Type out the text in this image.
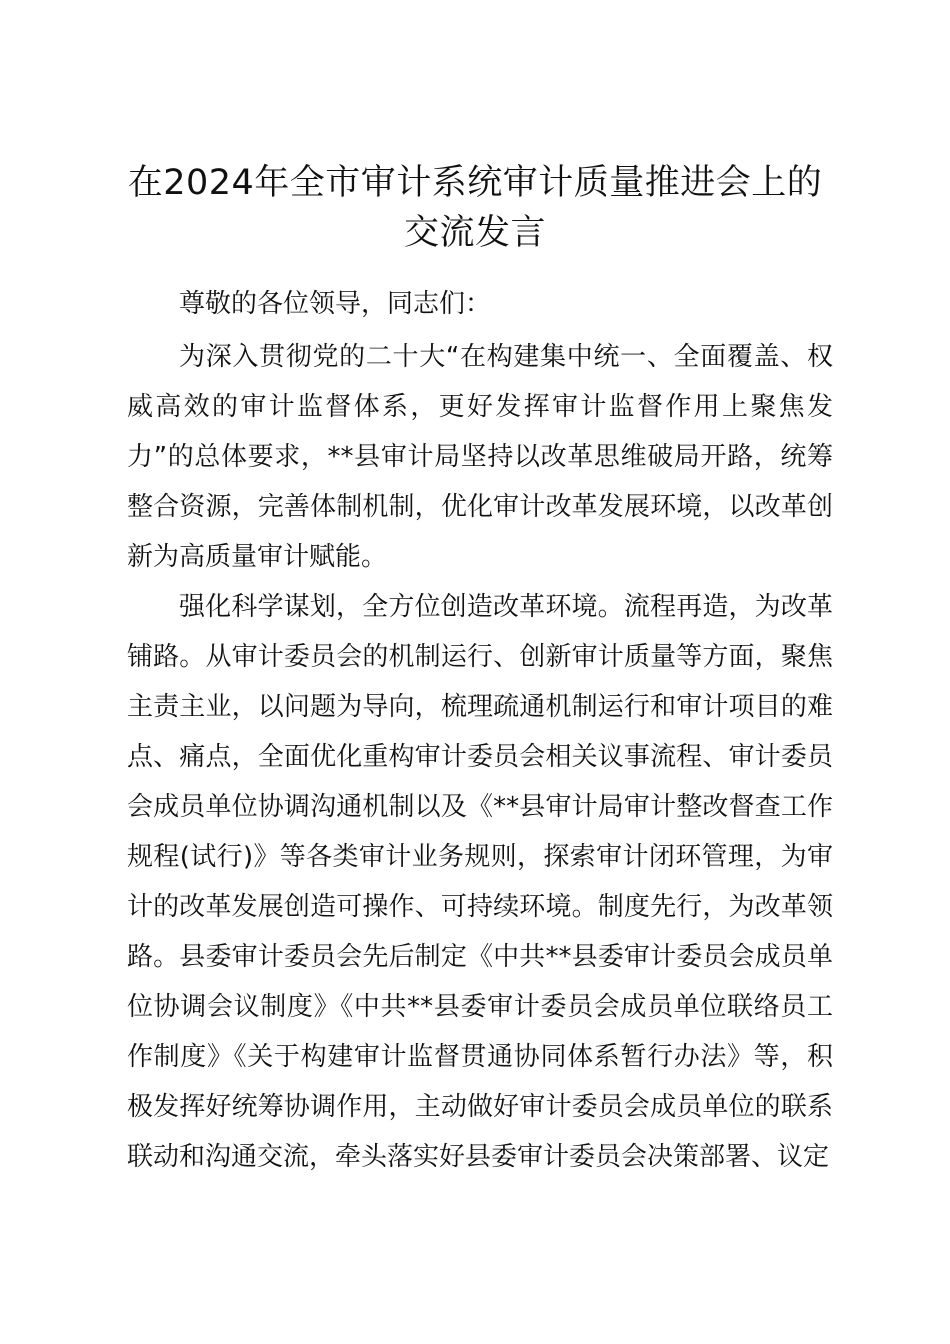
在2024年全市审计系统审计质量推进会上的交流发言

尊敬的各位领导，同志们：

为深入贯彻党的二十大“在构建集中统一、全面覆盖、权威高效的审计监督体系，更好发挥审计监督作用上聚焦发力”的总体要求，**县审计局坚持以改革思维破局开路，统筹整合资源，完善体制机制，优化审计改革发展环境，以改革创新为高质量审计赋能。

强化科学谋划，全方位创造改革环境。流程再造，为改革铺路。从审计委员会的机制运行、创新审计质量等方面，聚焦主责主业，以问题为导向，梳理疏通机制运行和审计项目的难点、痛点，全面优化重构审计委员会相关议事流程、审计委员会成员单位协调沟通机制以及《**县审计局审计整改督查工作规程(试行)》等各类审计业务规则，探索审计闭环管理，为审计的改革发展创造可操作、可持续环境。制度先行，为改革领路。县委审计委员会先后制定《中共**县委审计委员会成员单位协调会议制度》《中共**县委审计委员会成员单位联络员工作制度》《关于构建审计监督贯通协同体系暂行办法》等，积极发挥好统筹协调作用，主动做好审计委员会成员单位的联系联动和沟通交流，牵头落实好县委审计委员会决策部署、议定
